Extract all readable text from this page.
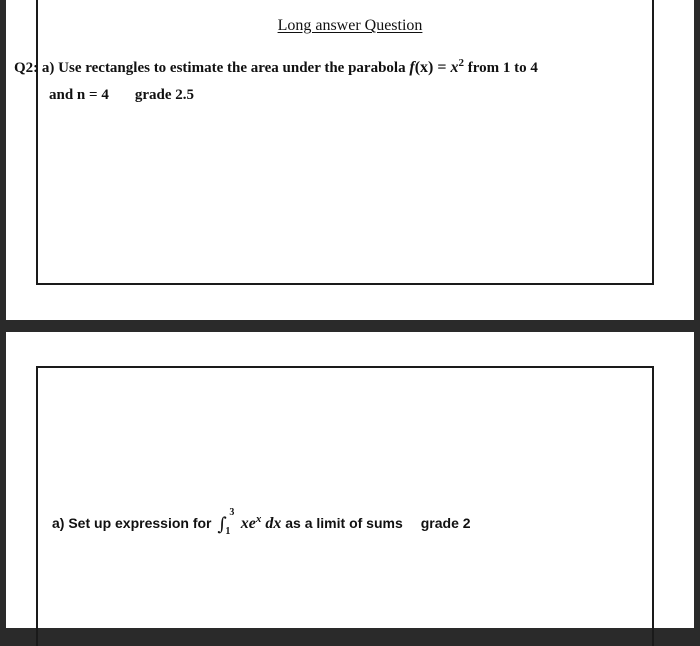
Long answer Question
Q2: a) Use rectangles to estimate the area under the parabola $f(x) = x^2$ from 1 to 4
and n = 4 grade 2.5
a) Set up expression for ∫
3
1 $xe^x$ dx as a limit of sums grade 2
